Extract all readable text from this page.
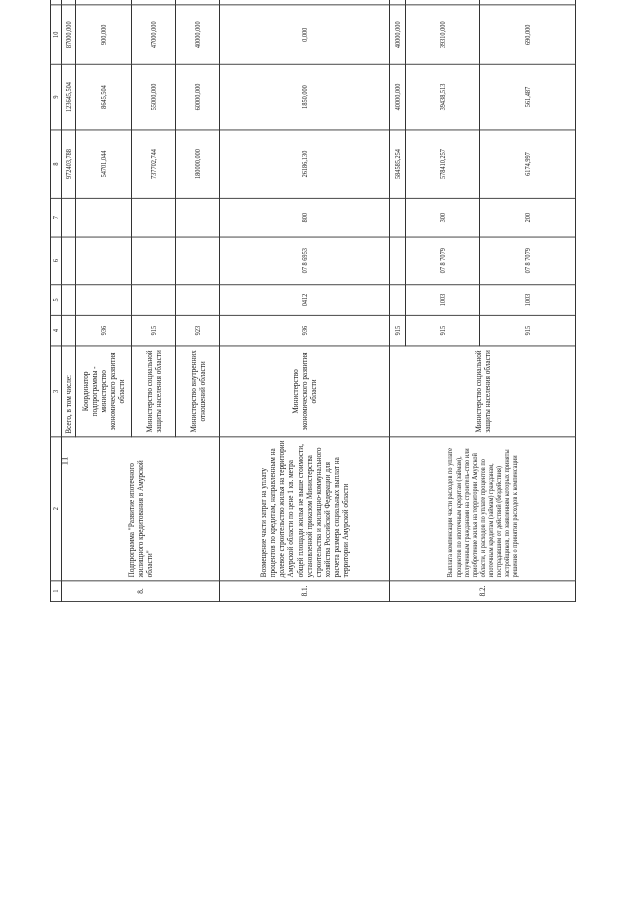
11
1	2	3	4	5	6	7	8	9	10					
8.	Подпрограмма "Развитие ипотечного жилищного кредитования в Амурской области"	Всего, в том числе:					972403,788	123645,504	87000,000					
		Координатор подпрограммы - министерство экономического развития области	936				54701,044	8645,504	900,000					
		Министерство социальной защиты населения области	915				737702,744	55000,000	47000,000					
		Министерство внутренних отношений области	923				180000,000	60000,000	40000,000					
8.1.	Возмещение части затрат на уплату процентов по кредитам, направленным на долевое строительство жилья на территории Амурской области по цене 1 кв. метра общей площади жилья не выше стоимости, установленной приказом Министерства строительства и жилищно-коммунального хозяйства Российской Федерации для расчета размера социальных выплат на территории Амурской области	Министерство экономического развития области	936	0412	07 8 6953	800	26186,130	1850,000	0,000					
8.2.	Выплата компенсации части расходов по уплате процентов по ипотечным кредитам (займам), полученным гражданами на строитель-ство или приобретение жилья на территории Амурской области, и расходов по уплате процентов по ипотечным кредитам (займам) гражданам, пострадавшим от действий (бездействия) застройщиков, по заявлениям которых приняты решения о принятии расходов к компенсации	Министерство социальной защиты населения области	915				584585,254	40000,000	40000,000					
			915	1003	07 8 7079	300	578410,257	39438,513	39310,000					
			915	1003	07 8 7079	200	6174,997	561,487	690,000					
